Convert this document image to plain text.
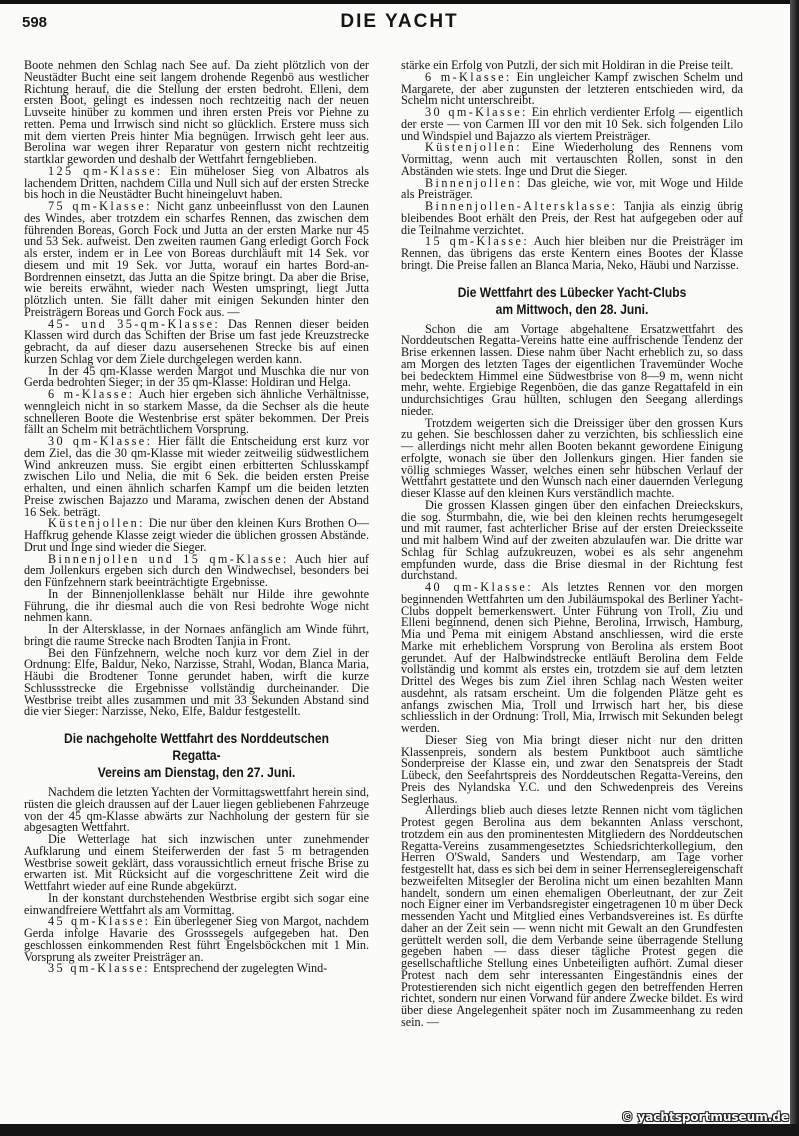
598	DIE YACHT

Boote nehmen den Schlag nach See auf. Da zieht plötzlich von der Neustädter Bucht eine seit langem drohende Regenbö aus westlicher Richtung herauf, die die Stellung der ersten bedroht. Elleni, dem ersten Boot, gelingt es indessen noch rechtzeitig nach der neuen Luvseite hinüber zu kommen und ihren ersten Preis vor Piehne zu retten. Pema und Irrwisch sind nicht so glücklich. Erstere muss sich mit dem vierten Preis hinter Mia begnügen. Irrwisch geht leer aus. Berolina war wegen ihrer Reparatur von gestern nicht rechtzeitig startklar geworden und deshalb der Wettfahrt ferngeblieben.

125 qm-Klasse: Ein müheloser Sieg von Albatros als lachendem Dritten, nachdem Cilla und Null sich auf der ersten Strecke bis hoch in die Neustädter Bucht hineingeluvt haben.

75 qm-Klasse: Nicht ganz unbeeinflusst von den Launen des Windes, aber trotzdem ein scharfes Rennen, das zwischen dem führenden Boreas, Gorch Fock und Jutta an der ersten Marke nur 45 und 53 Sek. aufweist. Den zweiten raumen Gang erledigt Gorch Fock als erster, indem er in Lee von Boreas durchläuft mit 14 Sek. vor diesem und mit 19 Sek. vor Jutta, worauf ein hartes Bord-an-Bordrennen einsetzt, das Jutta an die Spitze bringt. Da aber die Brise, wie bereits erwähnt, wieder nach Westen umspringt, liegt Jutta plötzlich unten. Sie fällt daher mit einigen Sekunden hinter den Preisträgern Boreas und Gorch Fock aus. —

45- und 35-qm-Klasse: Das Rennen dieser beiden Klassen wird durch das Schiften der Brise um fast jede Kreuzstrecke gebracht, da auf dieser dazu ausersehenen Strecke bis auf einen kurzen Schlag vor dem Ziele durchgelegen werden kann.

In der 45 qm-Klasse werden Margot und Muschka die nur von Gerda bedrohten Sieger; in der 35 qm-Klasse: Holdiran und Helga.

6 m-Klasse: Auch hier ergeben sich ähnliche Verhältnisse, wenngleich nicht in so starkem Masse, da die Sechser als die heute schnelleren Boote die Westenbrise erst später bekommen. Der Preis fällt an Schelm mit beträchtlichem Vorsprung.

30 qm-Klasse: Hier fällt die Entscheidung erst kurz vor dem Ziel, das die 30 qm-Klasse mit wieder zeitweilig südwestlichem Wind ankreuzen muss. Sie ergibt einen erbitterten Schlusskampf zwischen Lilo und Nelia, die mit 6 Sek. die beiden ersten Preise erhalten, und einen ähnlich scharfen Kampf um die beiden letzten Preise zwischen Bajazzo und Marama, zwischen denen der Abstand 16 Sek. beträgt.

Küstenjollen: Die nur über den kleinen Kurs Brothen O—Haffkrug gehende Klasse zeigt wieder die üblichen grossen Abstände. Drut und Inge sind wieder die Sieger.

Binnenjollen und 15 qm-Klasse: Auch hier auf dem Jollenkurs ergeben sich durch den Windwechsel, besonders bei den Fünfzehnern stark beeinträchtigte Ergebnisse.

In der Binnenjollenklasse behält nur Hilde ihre gewohnte Führung, die ihr diesmal auch die von Resi bedrohte Woge nicht nehmen kann.

In der Altersklasse, in der Nornaes anfänglich am Winde führt, bringt die raume Strecke nach Brodten Tanjia in Front.

Bei den Fünfzehnern, welche noch kurz vor dem Ziel in der Ordnung: Elfe, Baldur, Neko, Narzisse, Strahl, Wodan, Blanca Maria, Häubi die Brodtener Tonne gerundet haben, wirft die kurze Schlussstrecke die Ergebnisse vollständig durcheinander. Die Westbrise treibt alles zusammen und mit 33 Sekunden Abstand sind die vier Sieger: Narzisse, Neko, Elfe, Baldur festgestellt.

Die nachgeholte Wettfahrt des Norddeutschen Regatta-
Vereins am Dienstag, den 27. Juni.

Nachdem die letzten Yachten der Vormittagswettfahrt herein sind, rüsten die gleich draussen auf der Lauer liegen gebliebenen Fahrzeuge von der 45 qm-Klasse abwärts zur Nachholung der gestern für sie abgesagten Wettfahrt.

Die Wetterlage hat sich inzwischen unter zunehmender Aufklarung und einem Steiferwerden der fast 5 m betragenden Westbrise soweit geklärt, dass voraussichtlich erneut frische Brise zu erwarten ist. Mit Rücksicht auf die vorgeschrittene Zeit wird die Wettfahrt wieder auf eine Runde abgekürzt.

In der konstant durchstehenden Westbrise ergibt sich sogar eine einwandfreiere Wettfahrt als am Vormittag.

45 qm-Klasse: Ein überlegener Sieg von Margot, nachdem Gerda infolge Havarie des Grosssegels aufgegeben hat. Den geschlossen einkommenden Rest führt Engelsböckchen mit 1 Min. Vorsprung als zweiter Preisträger an.

35 qm-Klasse: Entsprechend der zugelegten Wind-

stärke ein Erfolg von Putzli, der sich mit Holdiran in die Preise teilt.

6 m-Klasse: Ein ungleicher Kampf zwischen Schelm und Margarete, der aber zugunsten der letzteren entschieden wird, da Schelm nicht unterschreibt.

30 qm-Klasse: Ein ehrlich verdienter Erfolg — eigentlich der erste — von Carmen III vor den mit 10 Sek. sich folgenden Lilo und Windspiel und Bajazzo als viertem Preisträger.

Küstenjollen: Eine Wiederholung des Rennens vom Vormittag, wenn auch mit vertauschten Rollen, sonst in den Abständen wie stets. Inge und Drut die Sieger.

Binnenjollen: Das gleiche, wie vor, mit Woge und Hilde als Preisträger.

Binnenjollen-Altersklasse: Tanjia als einzig übrig bleibendes Boot erhält den Preis, der Rest hat aufgegeben oder auf die Teilnahme verzichtet.

15 qm-Klasse: Auch hier bleiben nur die Preisträger im Rennen, das übrigens das erste Kentern eines Bootes der Klasse bringt. Die Preise fallen an Blanca Maria, Neko, Häubi und Narzisse.

Die Wettfahrt des Lübecker Yacht-Clubs
am Mittwoch, den 28. Juni.

Schon die am Vortage abgehaltene Ersatzwettfahrt des Norddeutschen Regatta-Vereins hatte eine auffrischende Tendenz der Brise erkennen lassen. Diese nahm über Nacht erheblich zu, so dass am Morgen des letzten Tages der eigentlichen Travemünder Woche bei bedecktem Himmel eine Südwestbrise von 8—9 m, wenn nicht mehr, wehte. Ergiebige Regenböen, die das ganze Regattafeld in ein undurchsichtiges Grau hüllten, schlugen den Seegang allerdings nieder.

Trotzdem weigerten sich die Dreissiger über den grossen Kurs zu gehen. Sie beschlossen daher zu verzichten, bis schliesslich eine — allerdings nicht mehr allen Booten bekannt gewordene Einigung erfolgte, wonach sie über den Jollenkurs gingen. Hier fanden sie völlig schmieges Wasser, welches einen sehr hübschen Verlauf der Wettfahrt gestattete und den Wunsch nach einer dauernden Verlegung dieser Klasse auf den kleinen Kurs verständlich machte.

Die grossen Klassen gingen über den einfachen Dreieckskurs, die sog. Sturmbahn, die, wie bei den kleinen rechts herumgesegelt und mit raumer, fast achterlicher Brise auf der ersten Dreiecksseite und mit halbem Wind auf der zweiten abzulaufen war. Die dritte war Schlag für Schlag aufzukreuzen, wobei es als sehr angenehm empfunden wurde, dass die Brise diesmal in der Richtung fest durchstand.

40 qm-Klasse: Als letztes Rennen vor den morgen beginnenden Wettfahrten um den Jubiläumspokal des Berliner Yacht-Clubs doppelt bemerkenswert. Unter Führung von Troll, Ziu und Elleni beginnend, denen sich Piehne, Berolina, Irrwisch, Hamburg, Mia und Pema mit einigem Abstand anschliessen, wird die erste Marke mit erheblichem Vorsprung von Berolina als erstem Boot gerundet. Auf der Halbwindstrecke entläuft Berolina dem Felde vollständig und kommt als erstes ein, trotzdem sie auf dem letzten Drittel des Weges bis zum Ziel ihren Schlag nach Westen weiter ausdehnt, als ratsam erscheint. Um die folgenden Plätze geht es anfangs zwischen Mia, Troll und Irrwisch hart her, bis diese schliesslich in der Ordnung: Troll, Mia, Irrwisch mit Sekunden belegt werden.

Dieser Sieg von Mia bringt dieser nicht nur den dritten Klassenpreis, sondern als bestem Punktboot auch sämtliche Sonderpreise der Klasse ein, und zwar den Senatspreis der Stadt Lübeck, den Seefahrtspreis des Norddeutschen Regatta-Vereins, den Preis des Nylandska Y.C. und den Schwedenpreis des Vereins Seglerhaus.

Allerdings blieb auch dieses letzte Rennen nicht vom täglichen Protest gegen Berolina aus dem bekannten Anlass verschont, trotzdem ein aus den prominentesten Mitgliedern des Norddeutschen Regatta-Vereins zusammengesetztes Schiedsrichterkollegium, den Herren O'Swald, Sanders und Westendarp, am Tage vorher festgestellt hat, dass es sich bei dem in seiner Herrenseglereigenschaft bezweifelten Mitsegler der Berolina nicht um einen bezahlten Mann handelt, sondern um einen ehemaligen Oberleutnant, der zur Zeit noch Eigner einer im Verbandsregister eingetragenen 10 m über Deck messenden Yacht und Mitglied eines Verbandsvereines ist. Es dürfte daher an der Zeit sein — wenn nicht mit Gewalt an den Grundfesten gerüttelt werden soll, die dem Verbande seine überragende Stellung gegeben haben — dass dieser tägliche Protest gegen die gesellschaftliche Stellung eines Unbeteiligten aufhört. Zumal dieser Protest nach dem sehr interessanten Eingeständnis eines der Protestierenden sich nicht eigentlich gegen den betreffenden Herren richtet, sondern nur einen Vorwand für andere Zwecke bildet. Es wird über diese Angelegenheit später noch im Zusammeenhang zu reden sein. —

© yachtsportmuseum.de
